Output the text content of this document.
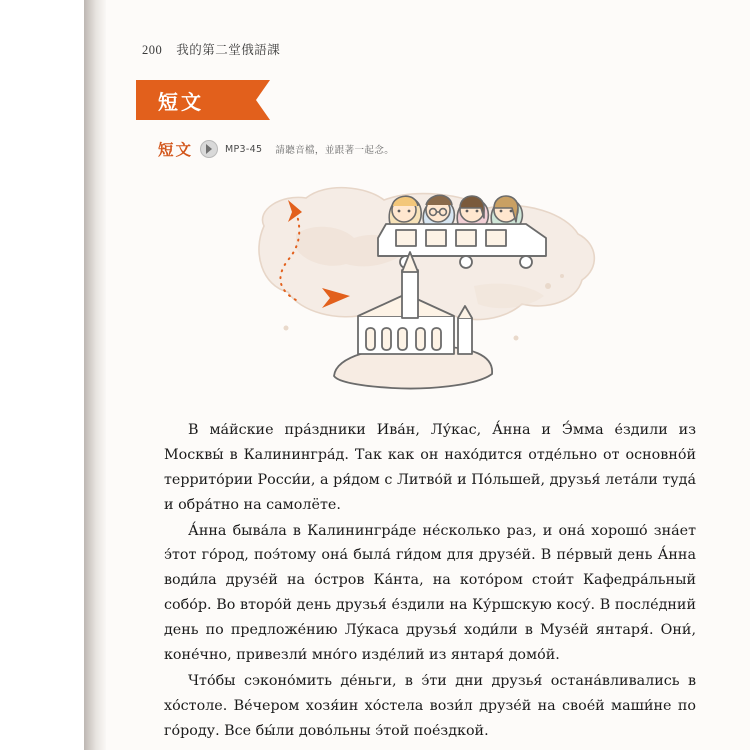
200 我的第二堂俄語課
短文
短文	MP3-45 請聽音檔，並跟著一起念。

В ма́йские пра́здники Ива́н, Лу́кас, А́нна и Э́мма е́здили из Москвы́ в Калинингра́д. Так как он нахо́дится отде́льно от основно́й террито́рии Росси́и, а ря́дом с Литво́й и По́льшей, друзья́ лета́ли туда́ и обра́тно на самолёте.

А́нна быва́ла в Калинингра́де не́сколько раз, и она́ хорошо́ зна́ет э́тот го́род, поэ́тому она́ была́ ги́дом для друзе́й. В пе́рвый день А́нна води́ла друзе́й на о́стров Ка́нта, на кото́ром стои́т Кафедра́льный собо́р. Во второ́й день друзья́ е́здили на Ку́ршскую косу́. В после́дний день по предложе́нию Лу́каса друзья́ ходи́ли в Музе́й янтаря́. Они́, коне́чно, привезли́ мно́го изде́лий из янтаря́ домо́й.

Что́бы сэконо́мить де́ньги, в э́ти дни друзья́ остана́вливались в хо́столе. Ве́чером хозя́ин хо́стела вози́л друзе́й на свое́й маши́не по го́роду. Все бы́ли дово́льны э́той пое́здкой.
